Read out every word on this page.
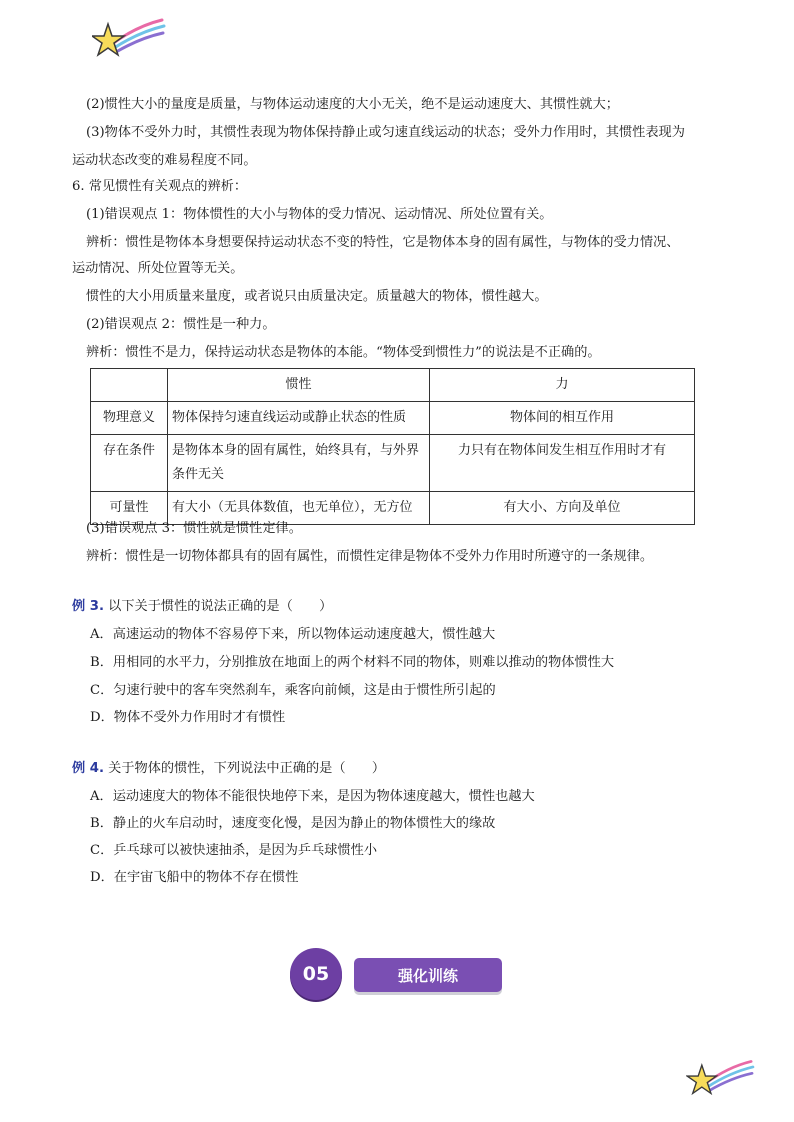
(2)惯性大小的量度是质量，与物体运动速度的大小无关，绝不是运动速度大、其惯性就大；
(3)物体不受外力时，其惯性表现为物体保持静止或匀速直线运动的状态；受外力作用时，其惯性表现为
运动状态改变的难易程度不同。
6. 常见惯性有关观点的辨析：
(1)错误观点 1：物体惯性的大小与物体的受力情况、运动情况、所处位置有关。
辨析：惯性是物体本身想要保持运动状态不变的特性，它是物体本身的固有属性，与物体的受力情况、
运动情况、所处位置等无关。
惯性的大小用质量来量度，或者说只由质量决定。质量越大的物体，惯性越大。
(2)错误观点 2：惯性是一种力。
辨析：惯性不是力，保持运动状态是物体的本能。“物体受到惯性力”的说法是不正确的。
	惯性	力
物理意义	物体保持匀速直线运动或静止状态的性质	物体间的相互作用
存在条件	是物体本身的固有属性，始终具有，与外界条件无关	力只有在物体间发生相互作用时才有
可量性	有大小（无具体数值，也无单位），无方位	有大小、方向及单位
(3)错误观点 3：惯性就是惯性定律。
辨析：惯性是一切物体都具有的固有属性，而惯性定律是物体不受外力作用时所遵守的一条规律。
例 3. 以下关于惯性的说法正确的是（　　）
A．高速运动的物体不容易停下来，所以物体运动速度越大，惯性越大
B．用相同的水平力，分别推放在地面上的两个材料不同的物体，则难以推动的物体惯性大
C．匀速行驶中的客车突然刹车，乘客向前倾，这是由于惯性所引起的
D．物体不受外力作用时才有惯性
例 4. 关于物体的惯性，下列说法中正确的是（　　）
A．运动速度大的物体不能很快地停下来，是因为物体速度越大，惯性也越大
B．静止的火车启动时，速度变化慢，是因为静止的物体惯性大的缘故
C．乒乓球可以被快速抽杀，是因为乒乓球惯性小
D．在宇宙飞船中的物体不存在惯性
05	强化训练
